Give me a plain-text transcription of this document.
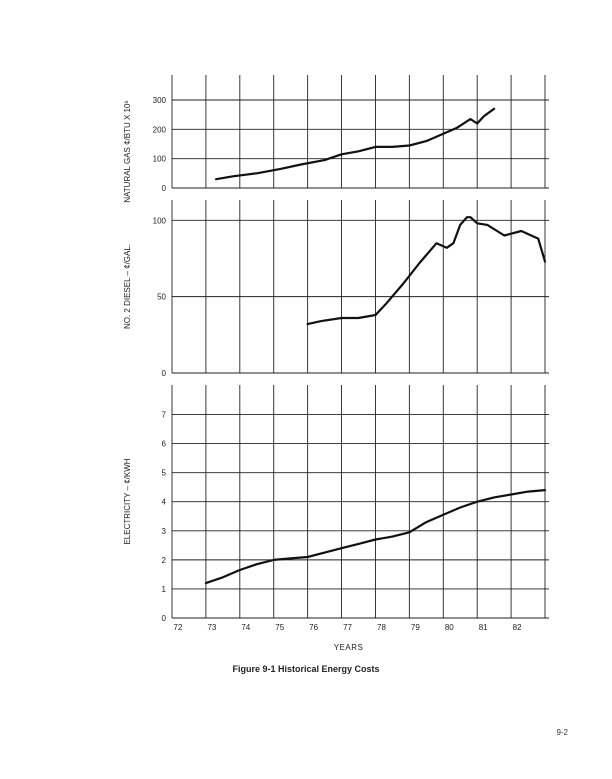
0
100
200
300
NATURAL GAS ¢/BTU X 10⁶
0
50
100
NO. 2 DIESEL – ¢/GAL.
0
1
2
3
4
5
6
7
ELECTRICITY – ¢/KWH
72	73	74	75	76	77	78	79	80	81	82
YEARS
Figure 9-1 Historical Energy Costs
9-2
